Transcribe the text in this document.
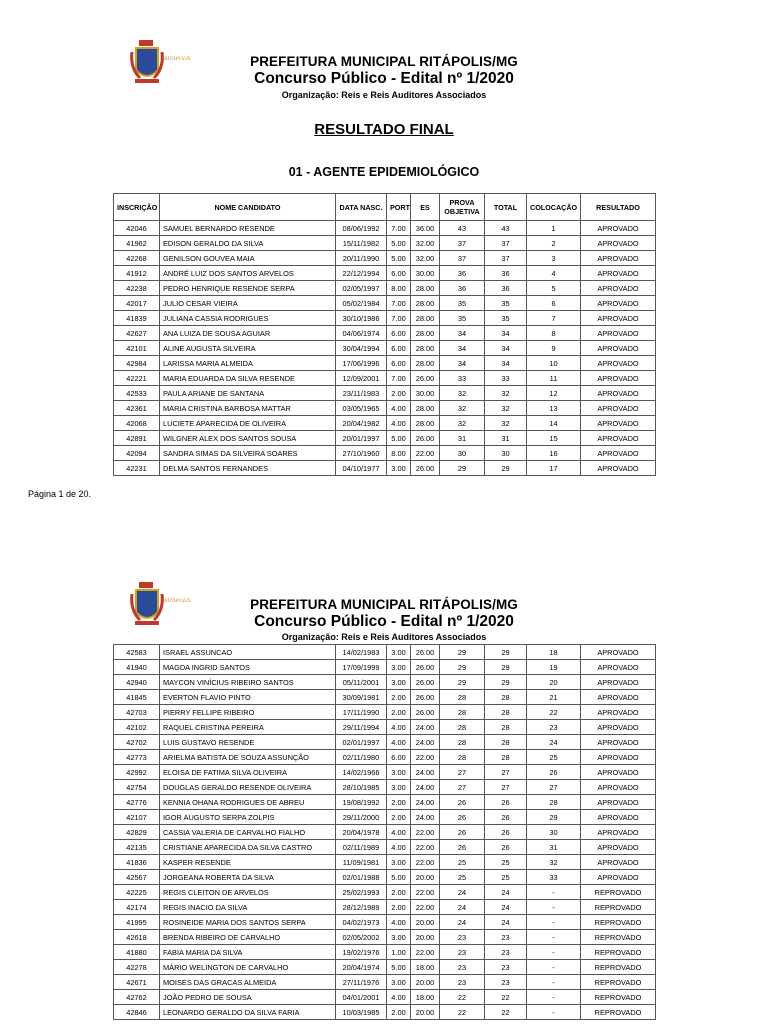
RITÁPOLIS	PREFEITURA MUNICIPAL RITÁPOLIS/MG
Concurso Público - Edital nº 1/2020
Organização: Reis e Reis Auditores Associados
RESULTADO FINAL
01 - AGENTE EPIDEMIOLÓGICO
INSCRIÇÃO	NOME CANDIDATO	DATA NASC.	PORT	ES	PROVA OBJETIVA	TOTAL	COLOCAÇÃO	RESULTADO
42046	SAMUEL BERNARDO RESENDE	08/06/1992	7.00	36.00	43	43	1	APROVADO
41962	EDISON GERALDO DA SILVA	15/11/1982	5.00	32.00	37	37	2	APROVADO
42268	GENILSON GOUVEA MAIA	20/11/1990	5.00	32.00	37	37	3	APROVADO
41912	ANDRÉ LUIZ DOS SANTOS ARVELOS	22/12/1994	6.00	30.00	36	36	4	APROVADO
42238	PEDRO HENRIQUE RESENDE SERPA	02/05/1997	8.00	28.00	36	36	5	APROVADO
42017	JULIO CESAR VIEIRA	05/02/1984	7.00	28.00	35	35	6	APROVADO
41839	JULIANA CASSIA RODRIGUES	30/10/1986	7.00	28.00	35	35	7	APROVADO
42627	ANA LUIZA DE SOUSA AGUIAR	04/06/1974	6.00	28.00	34	34	8	APROVADO
42101	ALINE AUGUSTA SILVEIRA	30/04/1994	6.00	28.00	34	34	9	APROVADO
42984	LARISSA MARIA ALMEIDA	17/06/1996	6.00	28.00	34	34	10	APROVADO
42221	MARIA EDUARDA DA SILVA RESENDE	12/09/2001	7.00	26.00	33	33	11	APROVADO
42533	PAULA ARIANE DE SANTANA	23/11/1983	2.00	30.00	32	32	12	APROVADO
42361	MARIA CRISTINA BARBOSA MATTAR	03/05/1965	4.00	28.00	32	32	13	APROVADO
42068	LUCIETE APARECIDA DE OLIVEIRA	20/04/1982	4.00	28.00	32	32	14	APROVADO
42891	WILGNER ALEX DOS SANTOS SOUSA	20/01/1997	5.00	26.00	31	31	15	APROVADO
42094	SANDRA SIMAS DA SILVEIRA SOARES	27/10/1960	8.00	22.00	30	30	16	APROVADO
42231	DELMA SANTOS FERNANDES	04/10/1977	3.00	26.00	29	29	17	APROVADO
Página 1 de 20.
RITÁPOLIS	PREFEITURA MUNICIPAL RITÁPOLIS/MG
Concurso Público - Edital nº 1/2020
Organização: Reis e Reis Auditores Associados
42583	ISRAEL ASSUNCAO	14/02/1983	3.00	26.00	29	29	18	APROVADO
41940	MAGDA INGRID SANTOS	17/09/1999	3.00	26.00	29	29	19	APROVADO
42940	MAYCON VINÍCIUS RIBEIRO SANTOS	05/11/2001	3.00	26.00	29	29	20	APROVADO
41845	EVERTON FLAVIO PINTO	30/09/1981	2.00	26.00	28	28	21	APROVADO
42703	PIERRY FELLIPE RIBEIRO	17/11/1990	2.00	26.00	28	28	22	APROVADO
42102	RAQUEL CRISTINA PEREIRA	29/11/1994	4.00	24.00	28	28	23	APROVADO
42702	LUIS GUSTAVO RESENDE	02/01/1997	4.00	24.00	28	28	24	APROVADO
42773	ARIELMA BATISTA DE SOUZA ASSUNÇÃO	02/11/1980	6.00	22.00	28	28	25	APROVADO
42992	ELOISA DE FATIMA SILVA OLIVEIRA	14/02/1966	3.00	24.00	27	27	26	APROVADO
42754	DOUGLAS GERALDO RESENDE OLIVEIRA	28/10/1985	3.00	24.00	27	27	27	APROVADO
42776	KENNIA OHANA RODRIGUES DE ABREU	19/08/1992	2.00	24.00	26	26	28	APROVADO
42107	IGOR AUGUSTO SERPA ZOLPIS	29/11/2000	2.00	24.00	26	26	29	APROVADO
42829	CASSIA VALERIA DE CARVALHO FIALHO	20/04/1978	4.00	22.00	26	26	30	APROVADO
42135	CRISTIANE APARECIDA DA SILVA CASTRO	02/11/1989	4.00	22.00	26	26	31	APROVADO
41836	KASPER RESENDE	11/09/1981	3.00	22.00	25	25	32	APROVADO
42567	JORGEANA ROBERTA DA SILVA	02/01/1988	5.00	20.00	25	25	33	APROVADO
42225	REGIS CLEITON DE ARVELOS	25/02/1993	2.00	22.00	24	24	-	REPROVADO
42174	REGIS INACIO DA SILVA	28/12/1989	2.00	22.00	24	24	-	REPROVADO
41995	ROSINEIDE MARIA DOS SANTOS SERPA	04/02/1973	4.00	20.00	24	24	-	REPROVADO
42618	BRENDA RIBEIRO DE CARVALHO	02/05/2002	3.00	20.00	23	23	-	REPROVADO
41880	FABIA MARIA DA SILVA	19/02/1976	1.00	22.00	23	23	-	REPROVADO
42278	MÁRIO WELINGTON DE CARVALHO	20/04/1974	5.00	18.00	23	23	-	REPROVADO
42671	MOISES DAS GRACAS ALMEIDA	27/11/1976	3.00	20.00	23	23	-	REPROVADO
42762	JOÃO PEDRO DE SOUSA	04/01/2001	4.00	18.00	22	22	-	REPROVADO
42846	LEONARDO GERALDO DA SILVA FARIA	10/03/1985	2.00	20.00	22	22	-	REPROVADO
